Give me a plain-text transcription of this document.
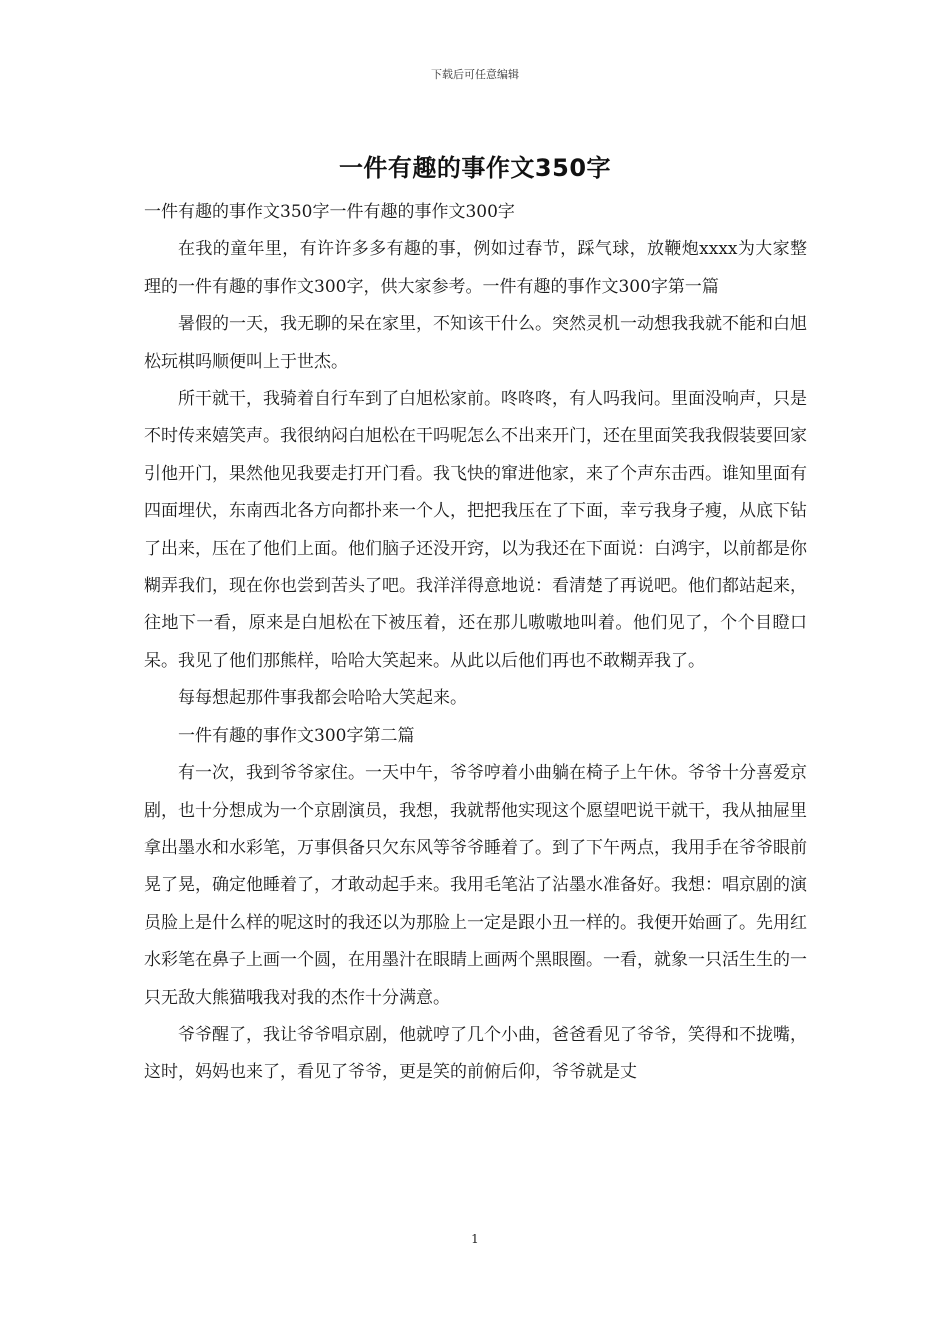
下载后可任意编辑
一件有趣的事作文350字

一件有趣的事作文350字一件有趣的事作文300字

在我的童年里，有许许多多有趣的事，例如过春节，踩气球，放鞭炮xxxx为大家整理的一件有趣的事作文300字，供大家参考。一件有趣的事作文300字第一篇

暑假的一天，我无聊的呆在家里，不知该干什么。突然灵机一动想我我就不能和白旭松玩棋吗顺便叫上于世杰。

所干就干，我骑着自行车到了白旭松家前。咚咚咚，有人吗我问。里面没响声，只是不时传来嬉笑声。我很纳闷白旭松在干吗呢怎么不出来开门，还在里面笑我我假装要回家引他开门，果然他见我要走打开门看。我飞快的窜进他家，来了个声东击西。谁知里面有四面埋伏，东南西北各方向都扑来一个人，把把我压在了下面，幸亏我身子瘦，从底下钻了出来，压在了他们上面。他们脑子还没开窍，以为我还在下面说：白鸿宇，以前都是你糊弄我们，现在你也尝到苦头了吧。我洋洋得意地说：看清楚了再说吧。他们都站起来，往地下一看，原来是白旭松在下被压着，还在那儿嗷嗷地叫着。他们见了，个个目瞪口呆。我见了他们那熊样，哈哈大笑起来。从此以后他们再也不敢糊弄我了。

每每想起那件事我都会哈哈大笑起来。

一件有趣的事作文300字第二篇

有一次，我到爷爷家住。一天中午，爷爷哼着小曲躺在椅子上午休。爷爷十分喜爱京剧，也十分想成为一个京剧演员，我想，我就帮他实现这个愿望吧说干就干，我从抽屉里拿出墨水和水彩笔，万事俱备只欠东风等爷爷睡着了。到了下午两点，我用手在爷爷眼前晃了晃，确定他睡着了，才敢动起手来。我用毛笔沾了沾墨水准备好。我想：唱京剧的演员脸上是什么样的呢这时的我还以为那脸上一定是跟小丑一样的。我便开始画了。先用红水彩笔在鼻子上画一个圆，在用墨汁在眼睛上画两个黑眼圈。一看，就象一只活生生的一只无敌大熊猫哦我对我的杰作十分满意。

爷爷醒了，我让爷爷唱京剧，他就哼了几个小曲，爸爸看见了爷爷，笑得和不拢嘴，这时，妈妈也来了，看见了爷爷，更是笑的前俯后仰，爷爷就是丈

1
